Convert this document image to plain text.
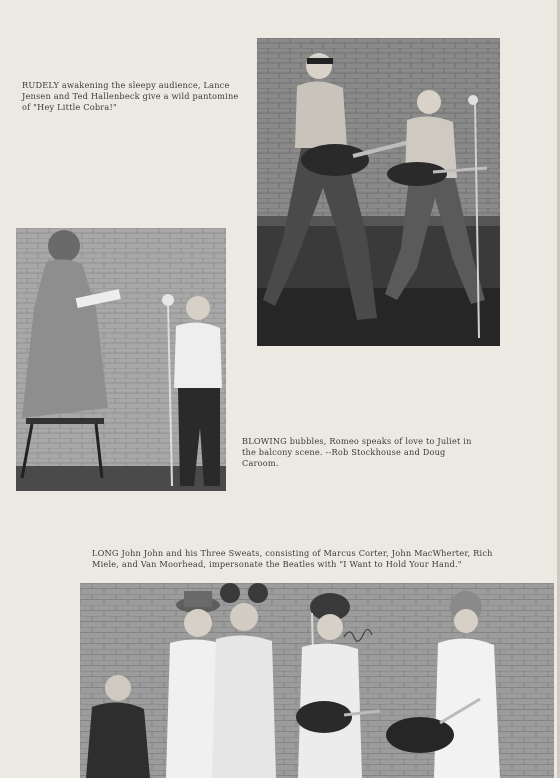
RUDELY awakening the sleepy audience, Lance Jensen and Ted Hallenbeck give a wild pantomine of "Hey Little Cobra!"

BLOWING bubbles, Romeo speaks of love to Juliet in the balcony scene. --Rob Stockhouse and Doug Caroom.

LONG John John and his Three Sweats, consisting of Marcus Corter, John MacWherter, Rich Miele, and Van Moorhead, impersonate the Beatles with "I Want to Hold Your Hand."
